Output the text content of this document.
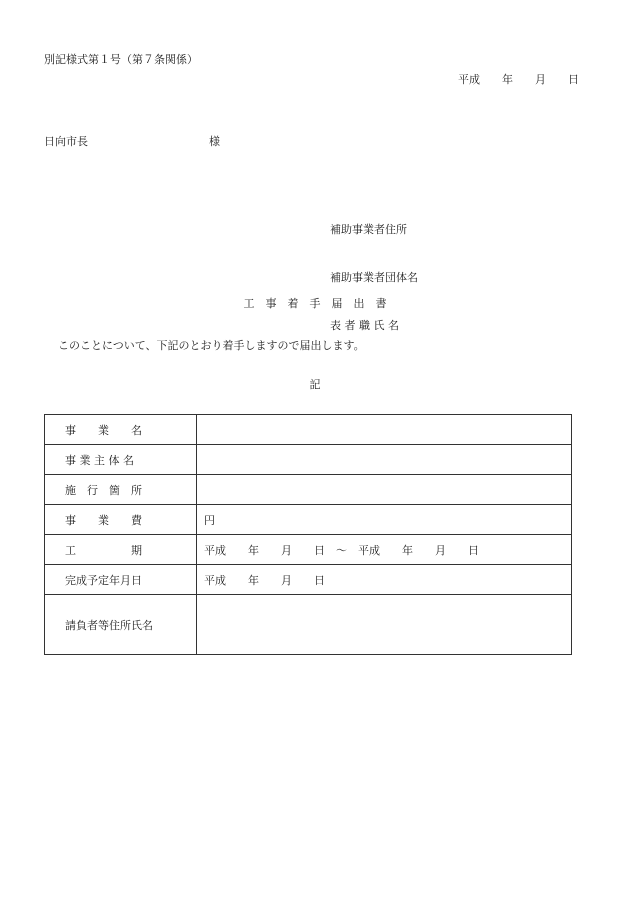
別記様式第１号（第７条関係）
平成　　年　　月　　日
日向市長	様

補助事業者住所

補助事業者団体名

表 者 職 氏 名

工　事　着　手　届　出　書
このことについて、下記のとおり着手しますので届出します。
記
事　　業　　名	
事 業 主 体 名	
施　行　箇　所	
事　　業　　費	円
工　　　　　期	平成　　年　　月　　日　〜　平成　　年　　月　　日
完成予定年月日	平成　　年　　月　　日
請負者等住所氏名	
